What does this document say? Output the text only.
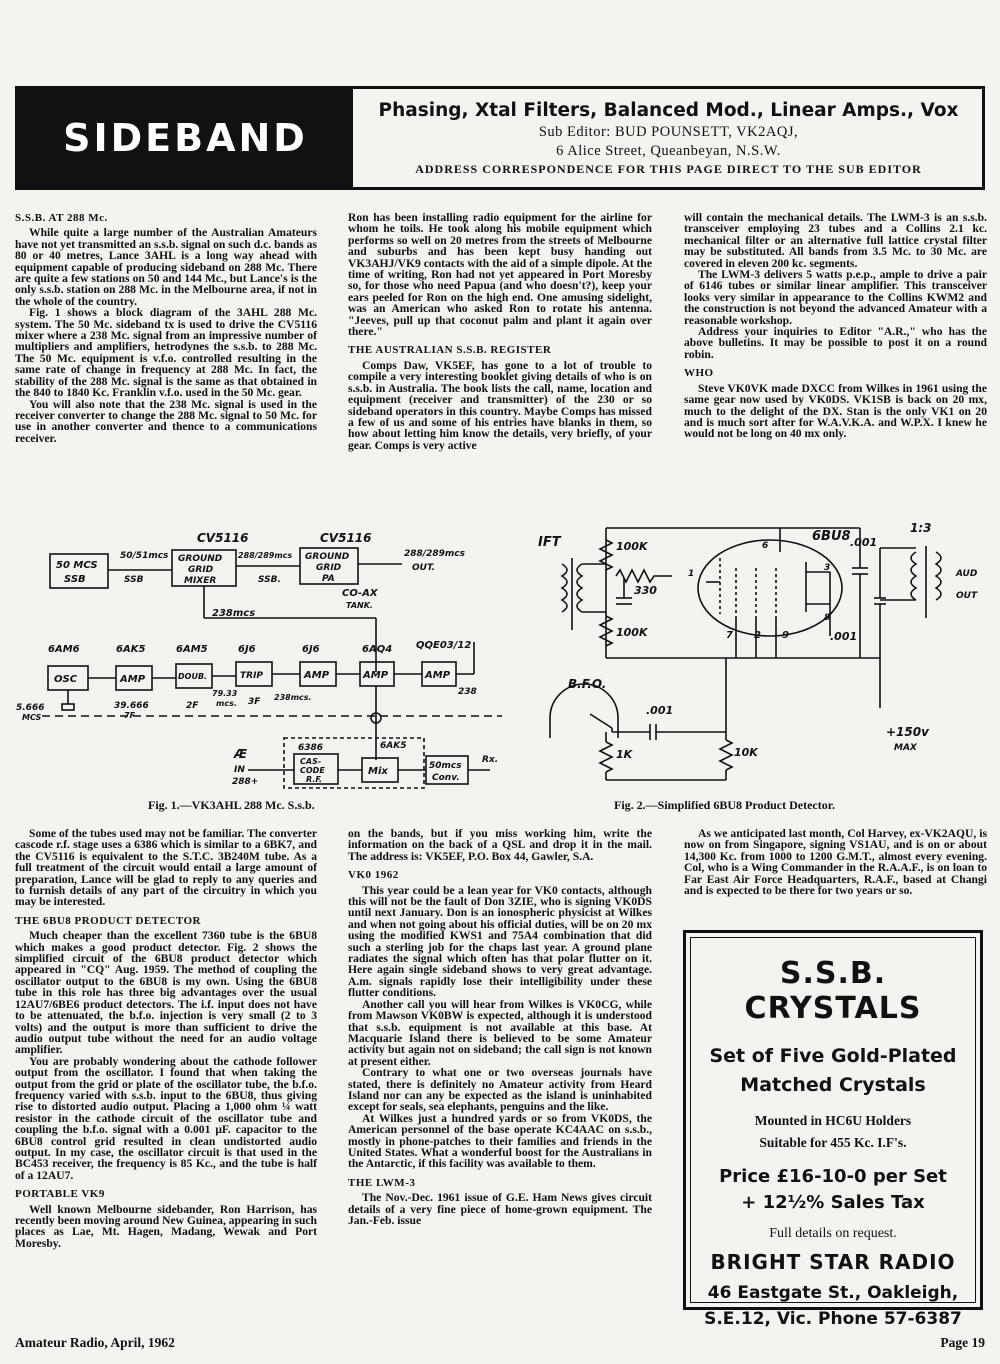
SIDEBAND
Phasing, Xtal Filters, Balanced Mod., Linear Amps., Vox
Sub Editor: BUD POUNSETT, VK2AQJ,
6 Alice Street, Queanbeyan, N.S.W.
ADDRESS CORRESPONDENCE FOR THIS PAGE DIRECT TO THE SUB EDITOR
S.S.B. AT 288 Mc.

While quite a large number of the Australian Amateurs have not yet transmitted an s.s.b. signal on such d.c. bands as 80 or 40 metres, Lance 3AHL is a long way ahead with equipment capable of producing sideband on 288 Mc. There are quite a few stations on 50 and 144 Mc., but Lance's is the only s.s.b. station on 288 Mc. in the Melbourne area, if not in the whole of the country.

Fig. 1 shows a block diagram of the 3AHL 288 Mc. system. The 50 Mc. sideband tx is used to drive the CV5116 mixer where a 238 Mc. signal from an impressive number of multipliers and amplifiers, hetrodynes the s.s.b. to 288 Mc. The 50 Mc. equipment is v.f.o. controlled resulting in the same rate of change in frequency at 288 Mc. In fact, the stability of the 288 Mc. signal is the same as that obtained in the 840 to 1840 Kc. Franklin v.f.o. used in the 50 Mc. gear.

You will also note that the 238 Mc. signal is used in the receiver converter to change the 288 Mc. signal to 50 Mc. for use in another converter and thence to a communications receiver.

Ron has been installing radio equipment for the airline for whom he toils. He took along his mobile equipment which performs so well on 20 metres from the streets of Melbourne and suburbs and has been kept busy handing out VK3AHJ/VK9 contacts with the aid of a simple dipole. At the time of writing, Ron had not yet appeared in Port Moresby so, for those who need Papua (and who doesn't?), keep your ears peeled for Ron on the high end. One amusing sidelight, was an American who asked Ron to rotate his antenna. "Jeeves, pull up that coconut palm and plant it again over there."

THE AUSTRALIAN S.S.B. REGISTER

Comps Daw, VK5EF, has gone to a lot of trouble to compile a very interesting booklet giving details of who is on s.s.b. in Australia. The book lists the call, name, location and equipment (receiver and transmitter) of the 230 or so sideband operators in this country. Maybe Comps has missed a few of us and some of his entries have blanks in them, so how about letting him know the details, very briefly, of your gear. Comps is very active

will contain the mechanical details. The LWM-3 is an s.s.b. transceiver employing 23 tubes and a Collins 2.1 kc. mechanical filter or an alternative full lattice crystal filter may be substituted. All bands from 3.5 Mc. to 30 Mc. are covered in eleven 200 kc. segments.

The LWM-3 delivers 5 watts p.e.p., ample to drive a pair of 6146 tubes or similar linear amplifier. This transceiver looks very similar in appearance to the Collins KWM2 and the construction is not beyond the advanced Amateur with a reasonable workshop.

Address your inquiries to Editor "A.R.," who has the above bulletins. It may be possible to post it on a round robin.

WHO

Steve VK0VK made DXCC from Wilkes in 1961 using the same gear now used by VK0DS. VK1SB is back on 20 mx, much to the delight of the DX. Stan is the only VK1 on 20 and is much sort after for W.A.V.K.A. and W.P.X. I knew he would not be long on 40 mx only.

50 MCS
SSB
50/51mcs
SSB
CV5116
GROUND
GRID
MIXER
288/289mcs
SSB.
CV5116
GROUND
GRID
PA
288/289mcs
OUT.
CO-AX
TANK.
238mcs
6AM6	6AK5	6AM5	6J6	6J6	6AQ4 QQE03/12
OSC	AMP	DOUB.	TRIP	AMP	AMP	AMP
5.666
MCS
39.666
7F
2F
79.33
mcs. 3F 238mcs.
238
6386	6AK5
CAS-
CODE
R.F.
Mix	50mcs
Conv.
Rx.
Æ
IN
288+
Fig. 1.—VK3AHL 288 Mc. S.s.b.
IFT	100K
330
100K
6BU8
6
1
3
8
7 2 9
.001
.001
1:3
AUD
OUT
+150v
MAX
B.F.O.
.001
1K	10K
Fig. 2.—Simplified 6BU8 Product Detector.

Some of the tubes used may not be familiar. The converter cascode r.f. stage uses a 6386 which is similar to a 6BK7, and the CV5116 is equivalent to the S.T.C. 3B240M tube. As a full treatment of the circuit would entail a large amount of preparation, Lance will be glad to reply to any queries and to furnish details of any part of the circuitry in which you may be interested.

THE 6BU8 PRODUCT DETECTOR

Much cheaper than the excellent 7360 tube is the 6BU8 which makes a good product detector. Fig. 2 shows the simplified circuit of the 6BU8 product detector which appeared in "CQ" Aug. 1959. The method of coupling the oscillator output to the 6BU8 is my own. Using the 6BU8 tube in this role has three big advantages over the usual 12AU7/6BE6 product detectors. The i.f. input does not have to be attenuated, the b.f.o. injection is very small (2 to 3 volts) and the output is more than sufficient to drive the audio output tube without the need for an audio voltage amplifier.

You are probably wondering about the cathode follower output from the oscillator. I found that when taking the output from the grid or plate of the oscillator tube, the b.f.o. frequency varied with s.s.b. input to the 6BU8, thus giving rise to distorted audio output. Placing a 1,000 ohm ¼ watt resistor in the cathode circuit of the oscillator tube and coupling the b.f.o. signal with a 0.001 μF. capacitor to the 6BU8 control grid resulted in clean undistorted audio output. In my case, the oscillator circuit is that used in the BC453 receiver, the frequency is 85 Kc., and the tube is half of a 12AU7.

PORTABLE VK9

Well known Melbourne sidebander, Ron Harrison, has recently been moving around New Guinea, appearing in such places as Lae, Mt. Hagen, Madang, Wewak and Port Moresby.

on the bands, but if you miss working him, write the information on the back of a QSL and drop it in the mail. The address is: VK5EF, P.O. Box 44, Gawler, S.A.

VK0 1962

This year could be a lean year for VK0 contacts, although this will not be the fault of Don 3ZIE, who is signing VK0DS until next January. Don is an ionospheric physicist at Wilkes and when not going about his official duties, will be on 20 mx using the modified KWS1 and 75A4 combination that did such a sterling job for the chaps last year. A ground plane radiates the signal which often has that polar flutter on it. Here again single sideband shows to very great advantage. A.m. signals rapidly lose their intelligibility under these flutter conditions.

Another call you will hear from Wilkes is VK0CG, while from Mawson VK0BW is expected, although it is understood that s.s.b. equipment is not available at this base. At Macquarie Island there is believed to be some Amateur activity but again not on sideband; the call sign is not known at present either.

Contrary to what one or two overseas journals have stated, there is definitely no Amateur activity from Heard Island nor can any be expected as the island is uninhabited except for seals, sea elephants, penguins and the like.

At Wilkes just a hundred yards or so from VK0DS, the American personnel of the base operate KC4AAC on s.s.b., mostly in phone-patches to their families and friends in the United States. What a wonderful boost for the Australians in the Antarctic, if this facility was available to them.

THE LWM-3

The Nov.-Dec. 1961 issue of G.E. Ham News gives circuit details of a very fine piece of home-grown equipment. The Jan.-Feb. issue

As we anticipated last month, Col Harvey, ex-VK2AQU, is now on from Singapore, signing VS1AU, and is on or about 14,300 Kc. from 1000 to 1200 G.M.T., almost every evening. Col, who is a Wing Commander in the R.A.A.F., is on loan to Far East Air Force Headquarters, R.A.F., based at Changi and is expected to be there for two years or so.

S.S.B. CRYSTALS
Set of Five Gold-Plated
Matched Crystals
Mounted in HC6U Holders
Suitable for 455 Kc. I.F's.
Price £16-10-0 per Set
+ 12½% Sales Tax
Full details on request.
BRIGHT STAR RADIO
46 Eastgate St., Oakleigh,
S.E.12, Vic. Phone 57-6387
Amateur Radio, April, 1962	Page 19
